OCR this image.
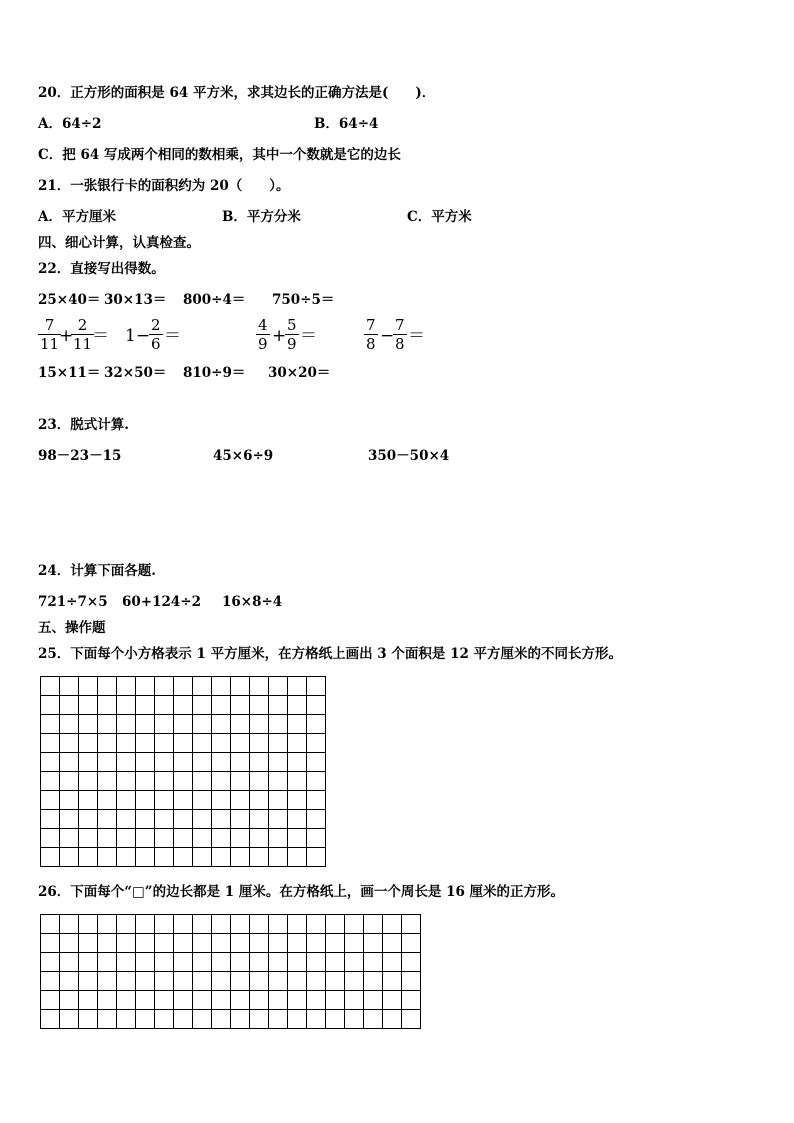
20．正方形的面积是 64 平方米，求其边长的正确方法是(　　)．
A．64÷2	B．64÷4
C．把 64 写成两个相同的数相乘，其中一个数就是它的边长
21．一张银行卡的面积约为 20（　　）。
A．平方厘米	B．平方分米	C．平方米
四、细心计算，认真检查。
22．直接写出得数。
25×40＝ 30×13＝ 800÷4＝ 750÷5＝
$\frac{7}{11}$
+
$\frac{2}{11}$
＝ 1 −
$\frac{2}{6}$ ＝	$\frac{4}{9}$ +
$\frac{5}{9}$ ＝	$\frac{7}{8}$ −
$\frac{7}{8}$ ＝
15×11＝ 32×50＝ 810÷9＝ 30×20＝
23．脱式计算.
98－23－15	45×6÷9	350－50×4
24．计算下面各题.
721÷7×5 60+124÷2 16×8÷4
五、操作题
25．下面每个小方格表示 1 平方厘米，在方格纸上画出 3 个面积是 12 平方厘米的不同长方形。
26．下面每个“□”的边长都是 1 厘米。在方格纸上，画一个周长是 16 厘米的正方形。
